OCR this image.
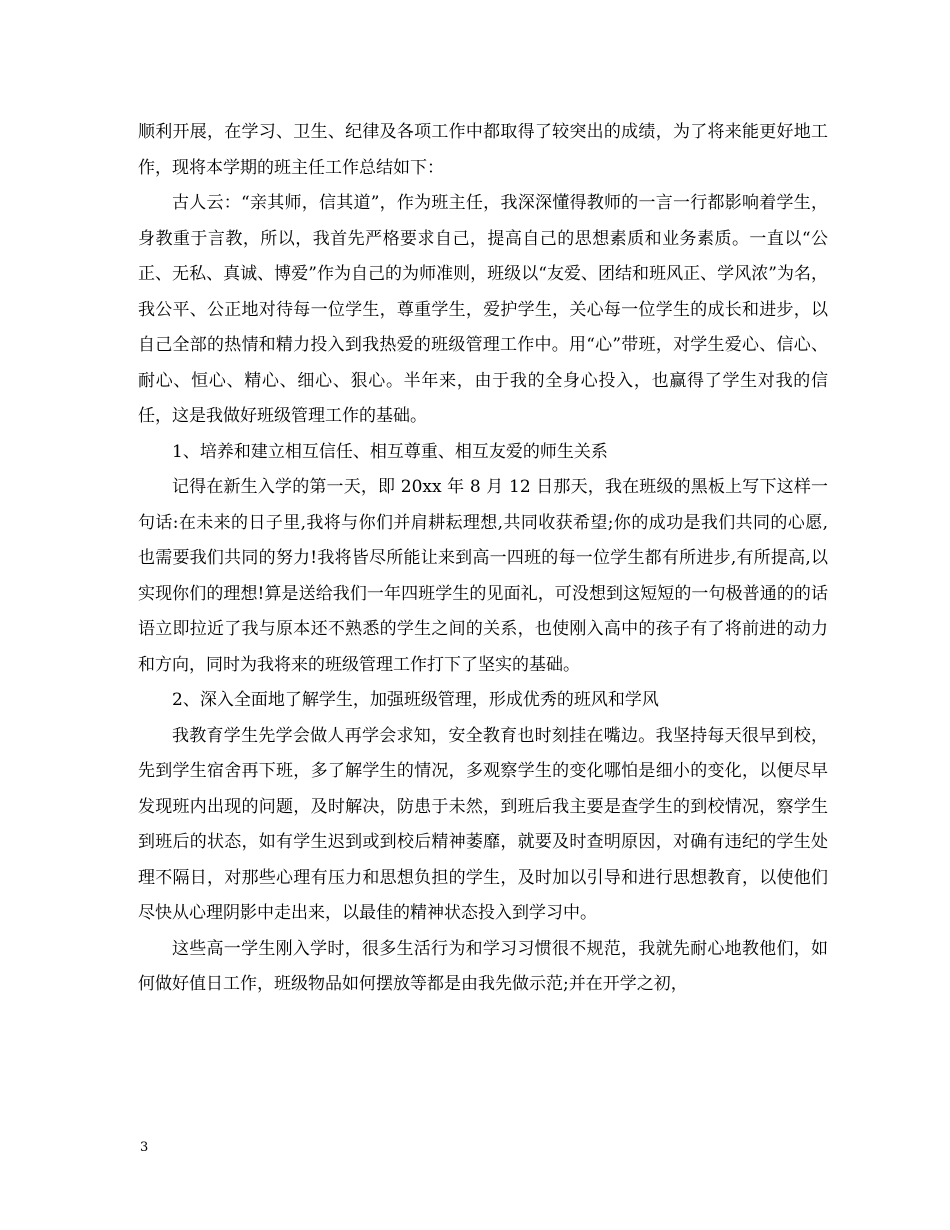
顺利开展，在学习、卫生、纪律及各项工作中都取得了较突出的成绩，为了将来能更好地工作，现将本学期的班主任工作总结如下：

古人云：“亲其师，信其道”，作为班主任，我深深懂得教师的一言一行都影响着学生，身教重于言教，所以，我首先严格要求自己，提高自己的思想素质和业务素质。一直以“公正、无私、真诚、博爱”作为自己的为师准则，班级以“友爱、团结和班风正、学风浓”为名，我公平、公正地对待每一位学生，尊重学生，爱护学生，关心每一位学生的成长和进步，以自己全部的热情和精力投入到我热爱的班级管理工作中。用“心”带班，对学生爱心、信心、耐心、恒心、精心、细心、狠心。半年来，由于我的全身心投入，也赢得了学生对我的信任，这是我做好班级管理工作的基础。

1、培养和建立相互信任、相互尊重、相互友爱的师生关系

记得在新生入学的第一天，即 20xx 年 8 月 12 日那天，我在班级的黑板上写下这样一句话:在未来的日子里,我将与你们并肩耕耘理想,共同收获希望;你的成功是我们共同的心愿,也需要我们共同的努力!我将皆尽所能让来到高一四班的每一位学生都有所进步,有所提高,以实现你们的理想!算是送给我们一年四班学生的见面礼，可没想到这短短的一句极普通的的话语立即拉近了我与原本还不熟悉的学生之间的关系，也使刚入高中的孩子有了将前进的动力和方向，同时为我将来的班级管理工作打下了坚实的基础。

2、深入全面地了解学生，加强班级管理，形成优秀的班风和学风

我教育学生先学会做人再学会求知，安全教育也时刻挂在嘴边。我坚持每天很早到校，先到学生宿舍再下班，多了解学生的情况，多观察学生的变化哪怕是细小的变化，以便尽早发现班内出现的问题，及时解决，防患于未然，到班后我主要是查学生的到校情况，察学生到班后的状态，如有学生迟到或到校后精神萎靡，就要及时查明原因，对确有违纪的学生处理不隔日，对那些心理有压力和思想负担的学生，及时加以引导和进行思想教育，以使他们尽快从心理阴影中走出来，以最佳的精神状态投入到学习中。

这些高一学生刚入学时，很多生活行为和学习习惯很不规范，我就先耐心地教他们，如何做好值日工作，班级物品如何摆放等都是由我先做示范;并在开学之初，

3
